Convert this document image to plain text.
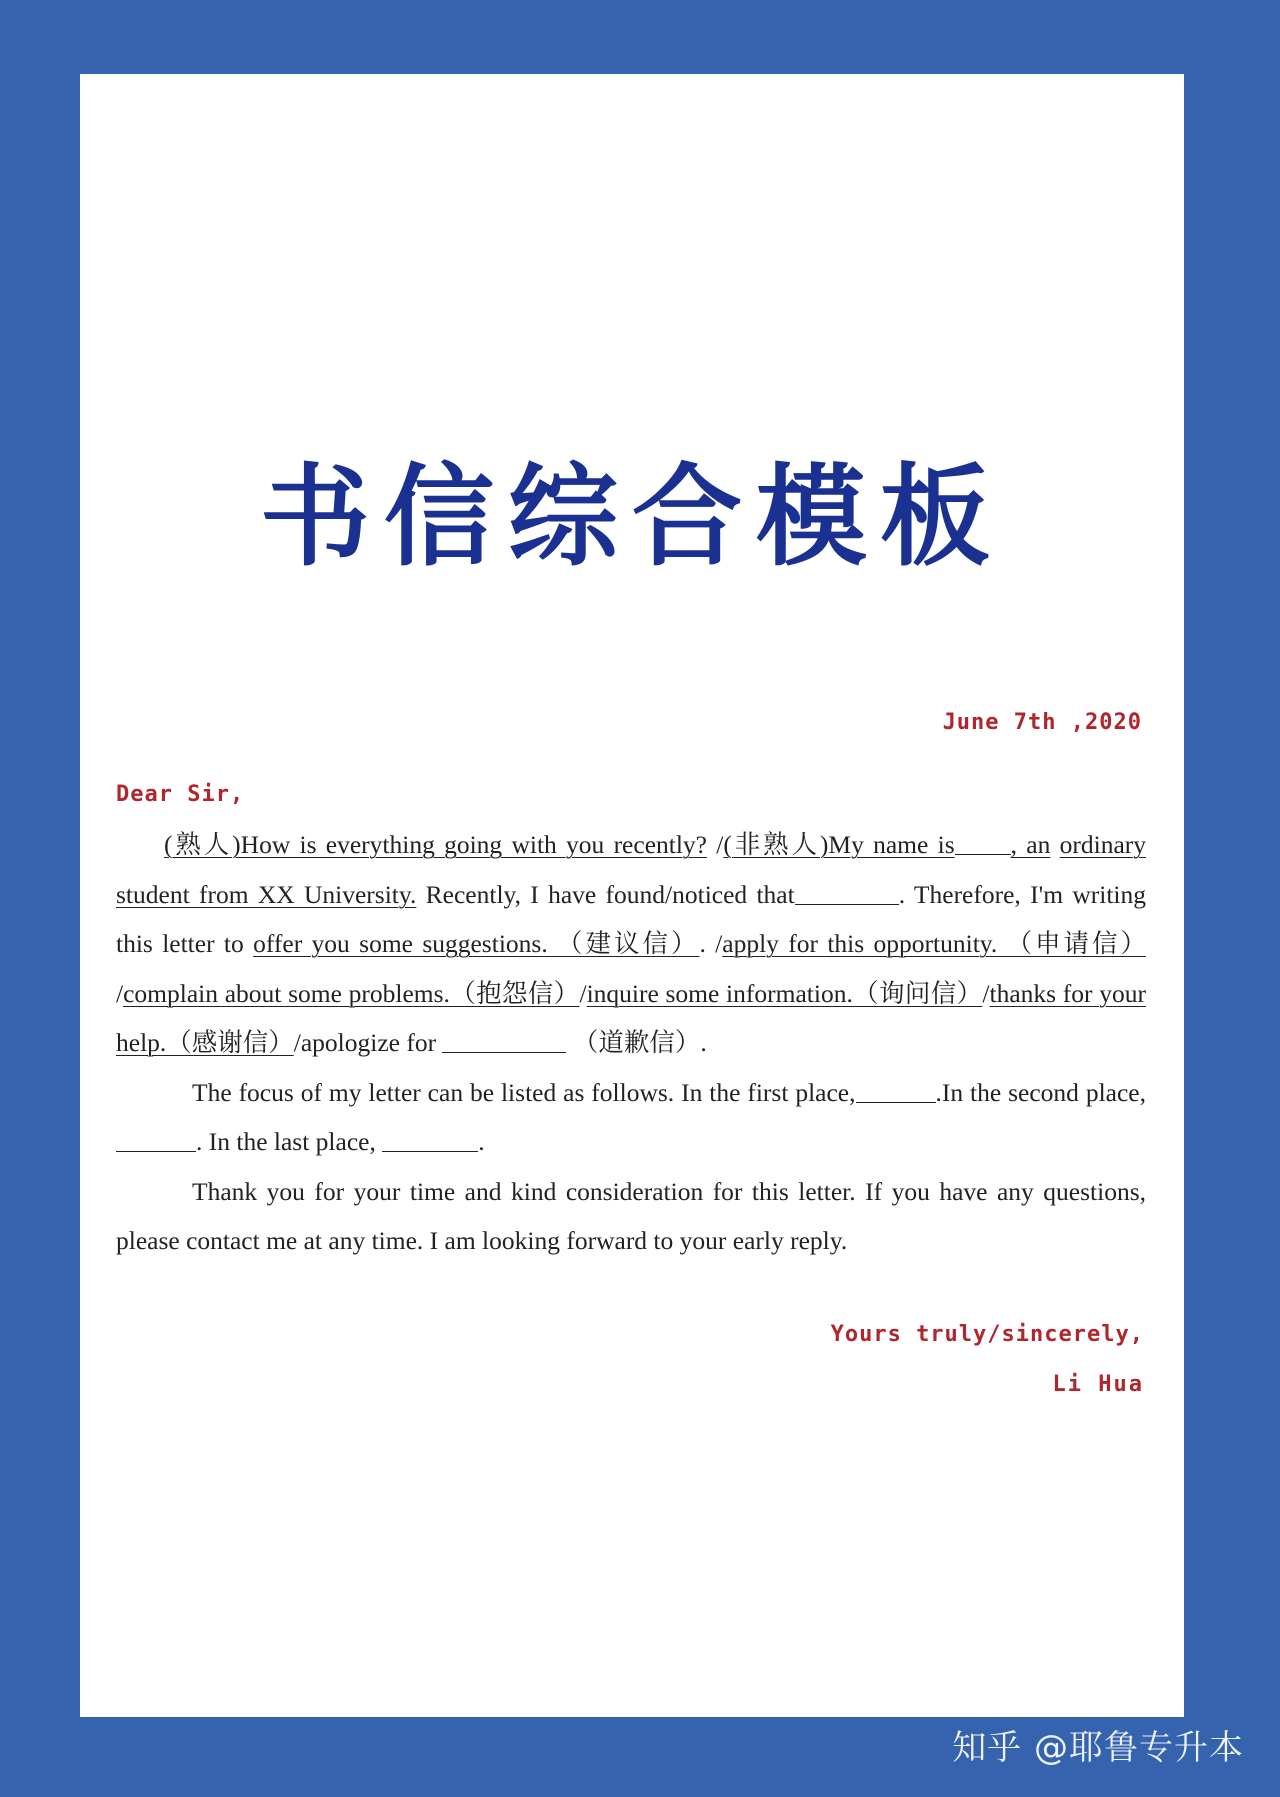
书信综合模板
June 7th ,2020
Dear Sir,

(熟人)How is everything going with you recently? /(非熟人)My name is , an ordinary student from XX University. Recently, I have found/noticed that	. Therefore, I'm writing this letter to offer you some suggestions. （建议信）. /apply for this opportunity. （申请信） /complain about some problems.（抱怨信）/inquire some information.（询问信）/thanks for your help.（感谢信）/apologize for	（道歉信）.

The focus of my letter can be listed as follows. In the first place,	.In the second place,. In the last place,	.

Thank you for your time and kind consideration for this letter. If you have any questions, please contact me at any time. I am looking forward to your early reply.

Yours truly/sincerely,
Li Hua
知乎 @耶鲁专升本
